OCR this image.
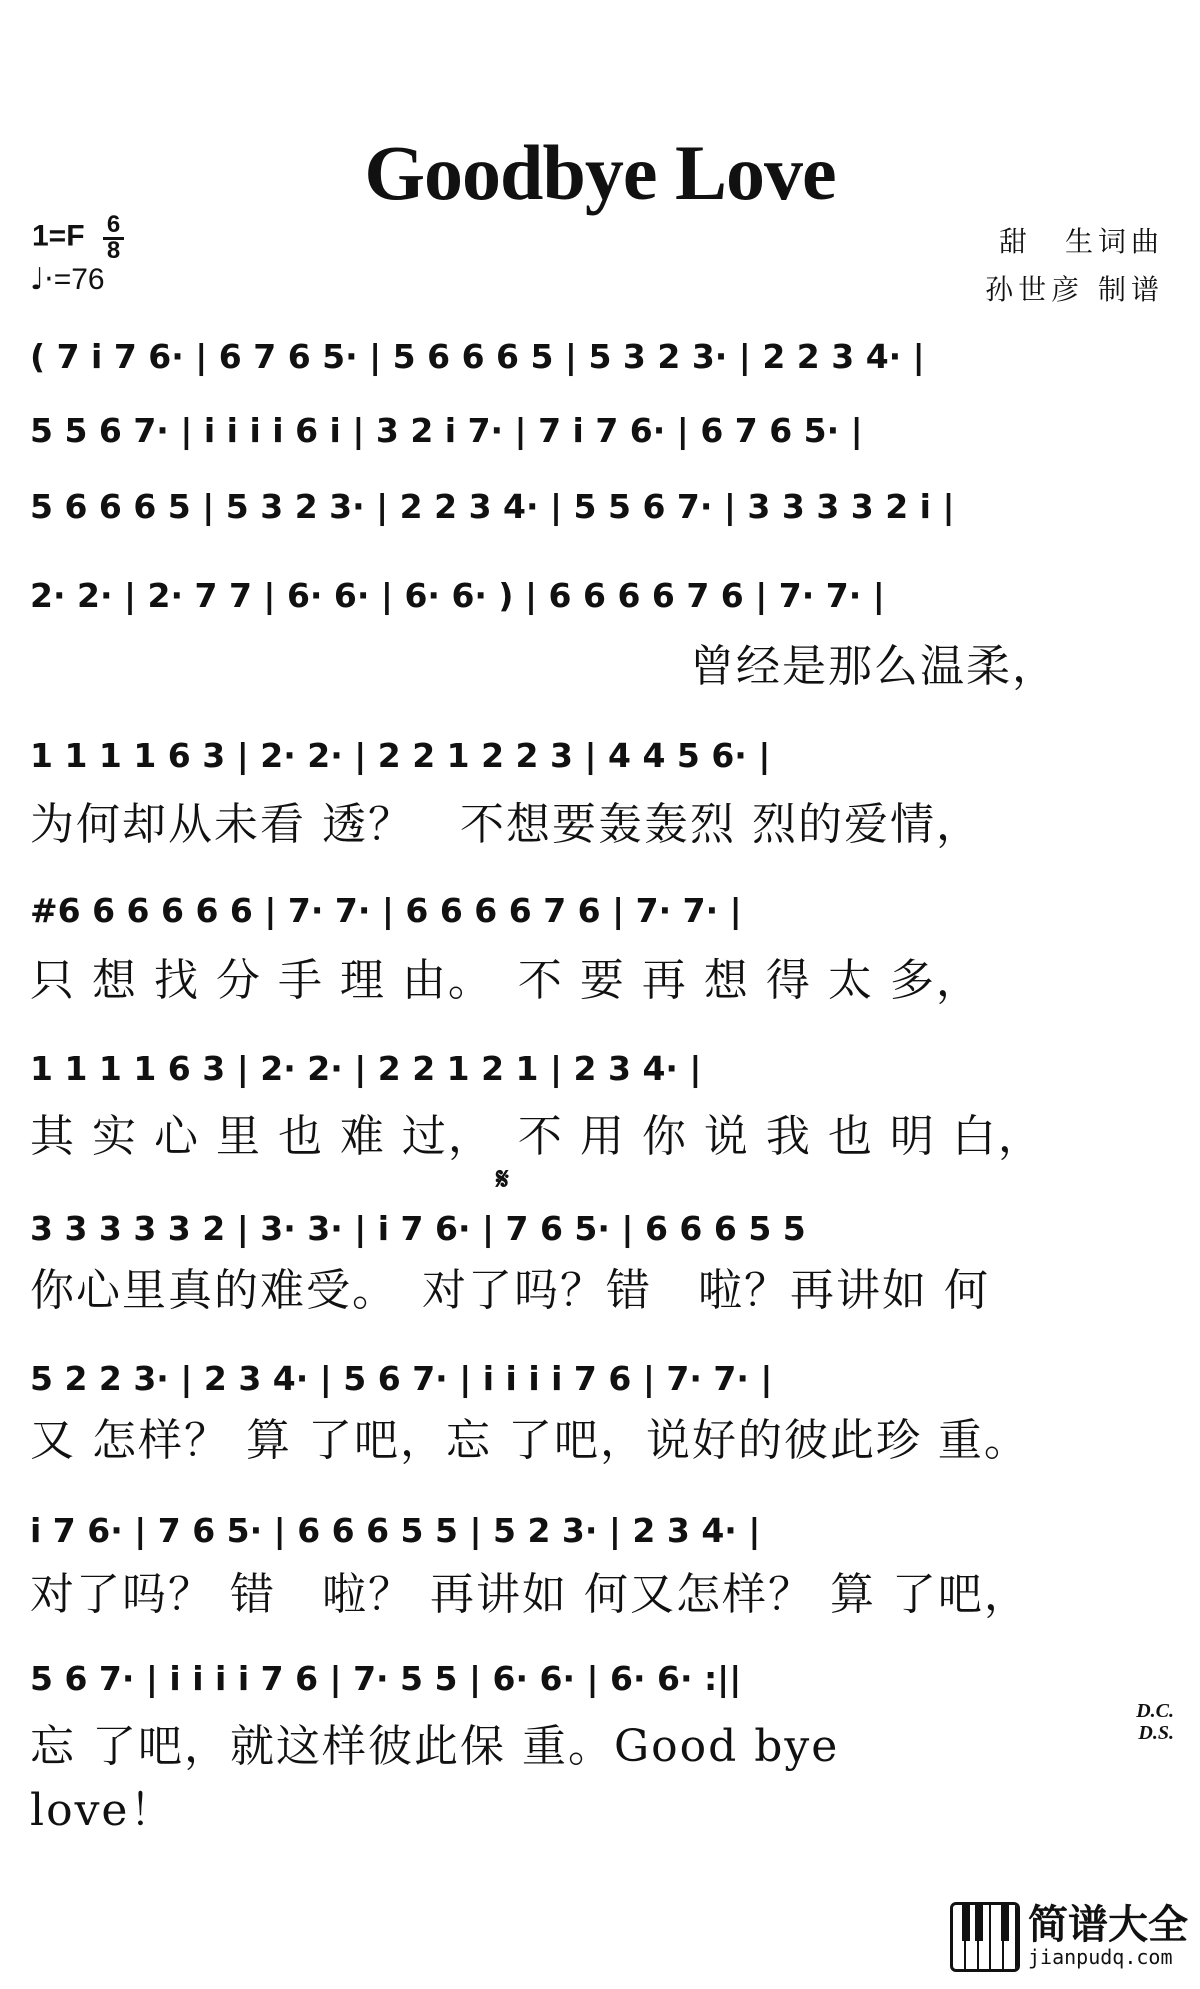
Goodbye Love
$1=F \frac{6}{8}$
♩·=76
甜　生词曲
孙世彦 制谱
( 7 i 7 6· | 6 7 6 5· | 5 6 6 6 5 | 5 3 2 3· | 2 2 3 4· |
5 5 6 7· | i i i i 6 i | 3 2 i 7· | 7 i 7 6· | 6 7 6 5· |
5 6 6 6 5 | 5 3 2 3· | 2 2 3 4· | 5 5 6 7· | 3 3 3 3 2 i |
2· 2· | 2· 7 7 | 6· 6· | 6· 6· ) | 6 6 6 6 7 6 | 7· 7· |
曾经是那么温柔，
1 1 1 1 6 3 | 2· 2· | 2 2 1 2 2 3 | 4 4 5 6· |
为何却从未看 透？　不想要轰轰烈 烈的爱情，
#6 6 6 6 6 6 | 7· 7· | 6 6 6 6 7 6 | 7· 7· |
只 想 找 分 手 理 由。　不 要 再 想 得 太 多，
1 1 1 1 6 3 | 2· 2· | 2 2 1 2 1 | 2 3 4· |
其 实 心 里 也 难 过，　不 用 你 说 我 也 明 白，
𝄋
3 3 3 3 3 2 | 3· 3· | i 7 6· | 7 6 5· | 6 6 6 5 5
你心里真的难受。　对了吗？错　啦？再讲如 何
5 2 2 3· | 2 3 4· | 5 6 7· | i i i i 7 6 | 7· 7· |
又 怎样？ 算 了吧，忘 了吧，说好的彼此珍 重。
i 7 6· | 7 6 5· | 6 6 6 5 5 | 5 2 3· | 2 3 4· |
对了吗？ 错　啦？ 再讲如 何又怎样？ 算 了吧，
5 6 7· | i i i i 7 6 | 7· 5 5 | 6· 6· | 6· 6· :||
忘 了吧，就这样彼此保 重。Good bye love！
D.C.
D.S.
简谱大全
jianpudq.com
